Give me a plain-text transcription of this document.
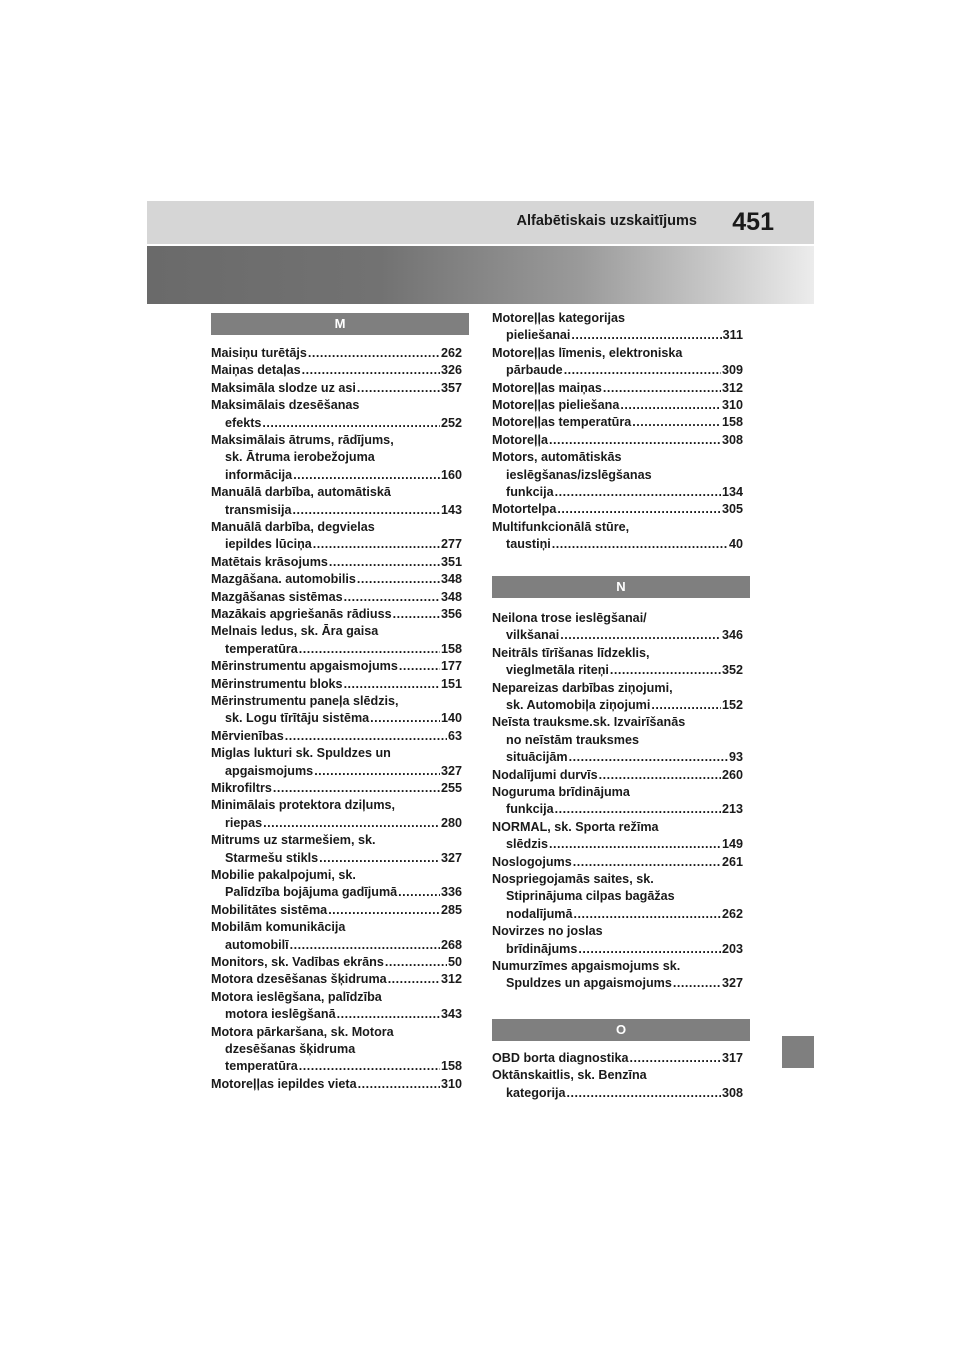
Alfabētiskais uzskaitījums 451
M
N
O
Maisiņu turētājs .....	262
Maiņas detaļas .....	326
Maksimāla slodze uz asi .....	357
Maksimālais dzesēšanas
efekts .....	252
Maksimālais ātrums, rādījums,
sk. Ātruma ierobežojuma
informācija .....	160
Manuālā darbība, automātiskā
transmisija .....	143
Manuālā darbība, degvielas
iepildes lūciņa .....	277
Matētais krāsojums .....	351
Mazgāšana. automobilis .....	348
Mazgāšanas sistēmas .....	348
Mazākais apgriešanās rādiuss .....	356
Melnais ledus, sk. Āra gaisa
temperatūra .....	158
Mērinstrumentu apgaismojums .....	177
Mērinstrumentu bloks .....	151
Mērinstrumentu paneļa slēdzis,
sk. Logu tīrītāju sistēma .....	140
Mērvienības .....	63
Miglas lukturi sk. Spuldzes un
apgaismojums .....	327
Mikrofiltrs .....	255
Minimālais protektora dziļums,
riepas .....	280
Mitrums uz starmešiem, sk.
Starmešu stikls .....	327
Mobilie pakalpojumi, sk.
Palīdzība bojājuma gadījumā .....	336
Mobilitātes sistēma .....	285
Mobilām komunikācija
automobilī .....	268
Monitors, sk. Vadības ekrāns .....	50
Motora dzesēšanas šķidruma .....	312
Motora ieslēgšana, palīdzība
motora ieslēgšanā .....	343
Motora pārkaršana, sk. Motora
dzesēšanas šķidruma
temperatūra .....	158
Motoreļļas iepildes vieta .....	310
Motoreļļas kategorijas
pieliešanai .....	311
Motoreļļas līmenis, elektroniska
pārbaude .....	309
Motoreļļas maiņas .....	312
Motoreļļas pieliešana .....	310
Motoreļļas temperatūra .....	158
Motoreļļa .....	308
Motors, automātiskās
ieslēgšanas/izslēgšanas
funkcija .....	134
Motortelpa .....	305
Multifunkcionālā stūre,
taustiņi .....	40
Neilona trose ieslēgšanai/
vilkšanai .....	346
Neitrāls tīrīšanas līdzeklis,
vieglmetāla riteņi .....	352
Nepareizas darbības ziņojumi,
sk. Automobiļa ziņojumi .....	152
Neīsta trauksme.sk. Izvairīšanās
no neīstām trauksmes
situācijām .....	93
Nodalījumi durvīs .....	260
Noguruma brīdinājuma
funkcija .....	213
NORMAL, sk. Sporta režīma
slēdzis .....	149
Noslogojums .....	261
Nospriegojamās saites, sk.
Stiprinājuma cilpas bagāžas
nodalījumā .....	262
Novirzes no joslas
brīdinājums .....	203
Numurzīmes apgaismojums sk.
Spuldzes un apgaismojums .....	327
OBD borta diagnostika .....	317
Oktānskaitlis, sk. Benzīna
kategorija .....	308
